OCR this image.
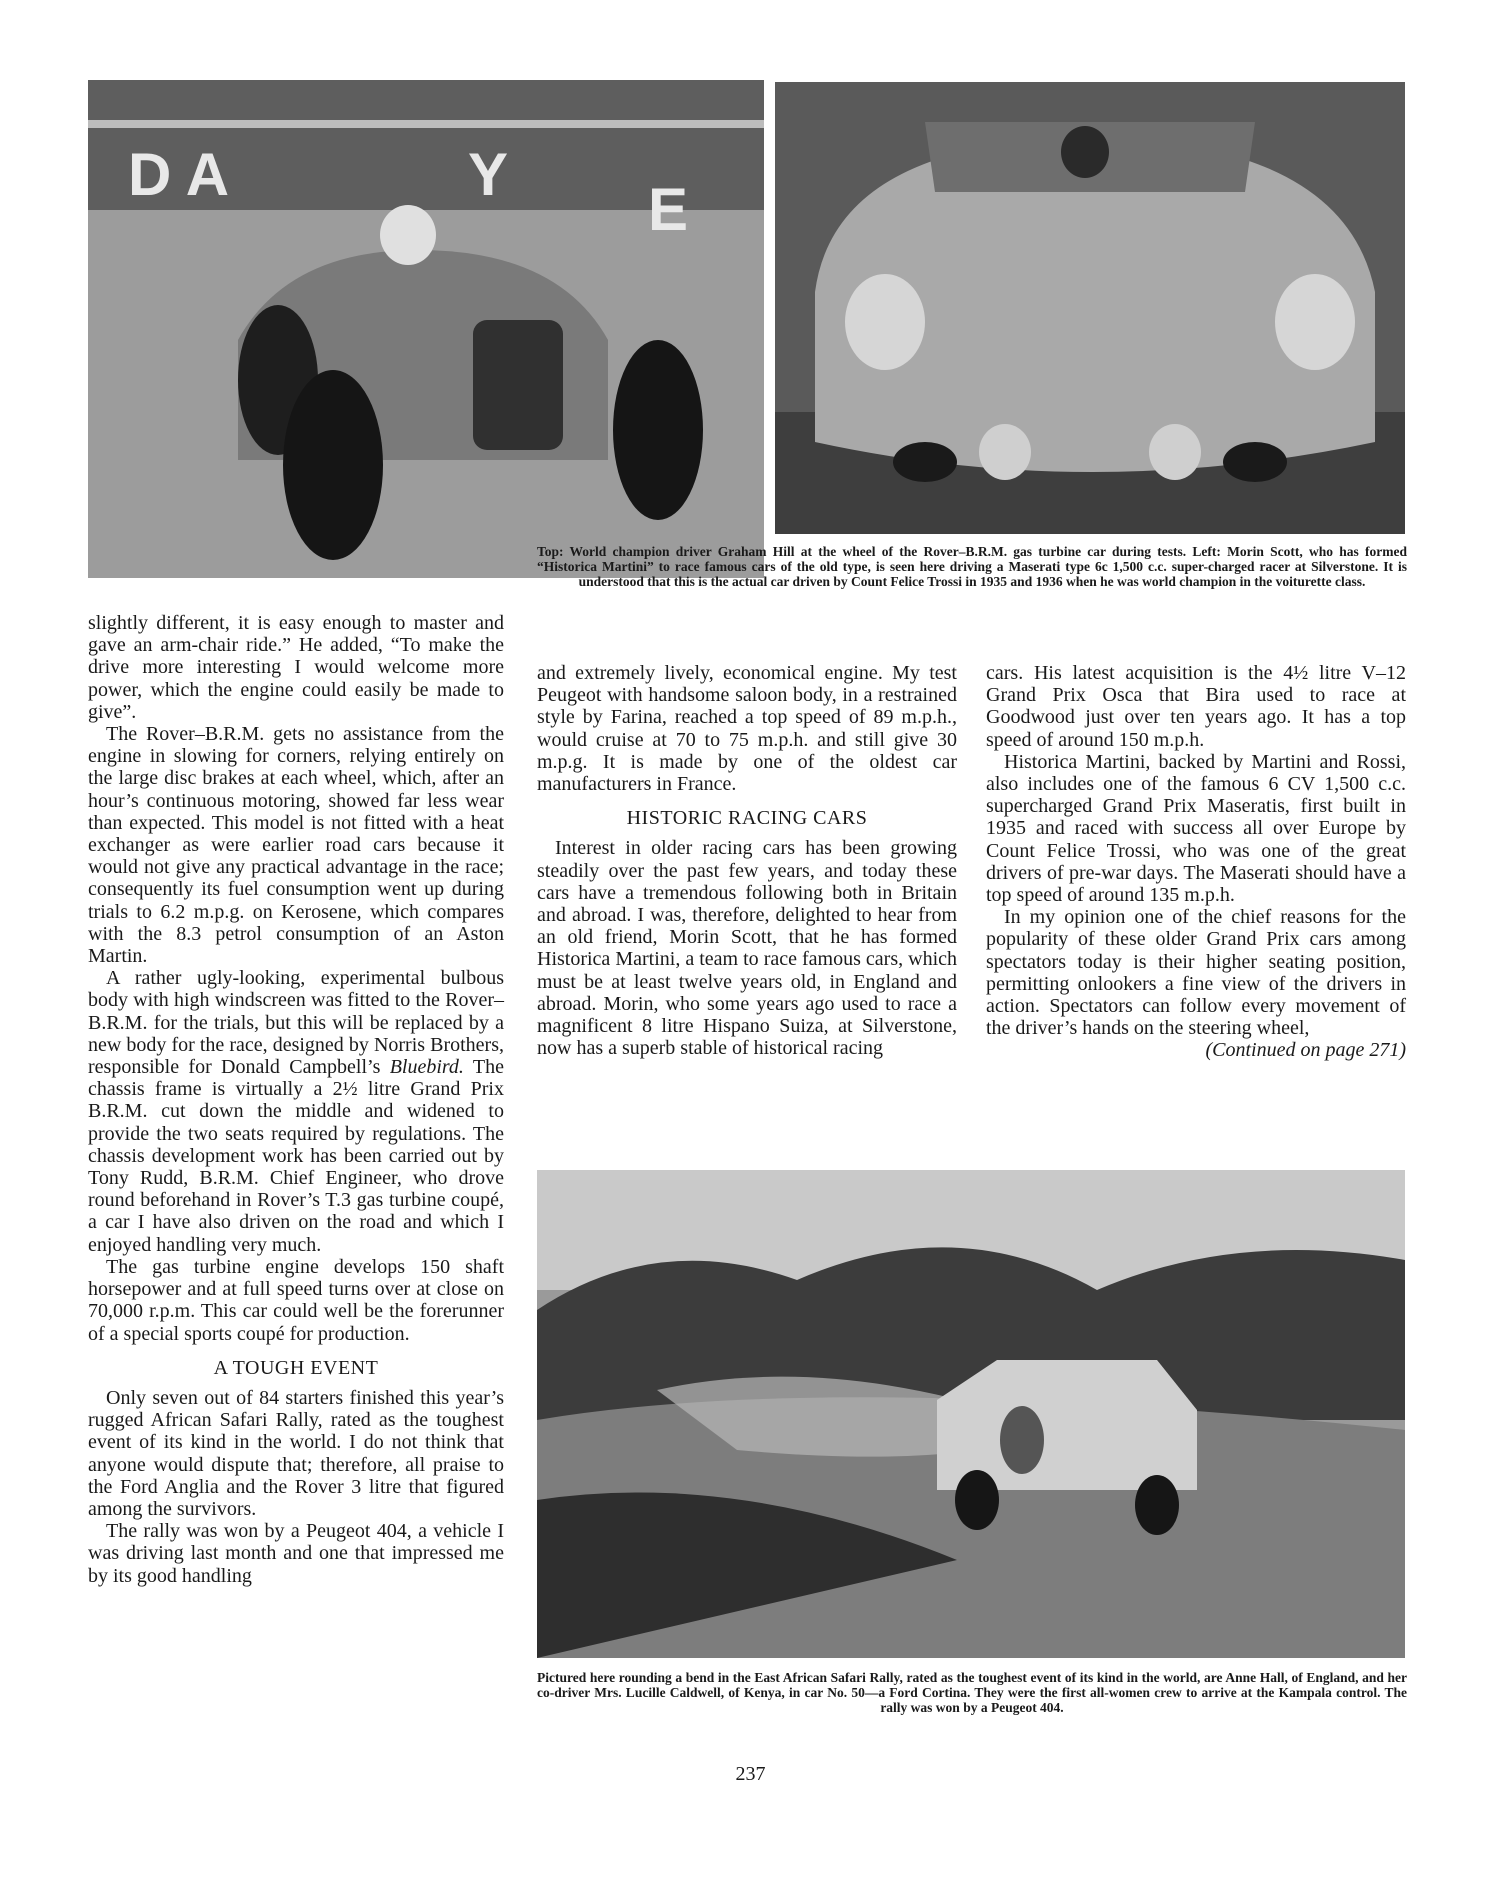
D A	Y
E
Top: World champion driver Graham Hill at the wheel of the Rover–B.R.M. gas turbine car during tests. Left: Morin Scott, who has formed “Historica Martini” to race famous cars of the old type, is seen here driving a Maserati type 6c 1,500 c.c. super-charged racer at Silverstone. It is understood that this is the actual car driven by Count Felice Trossi in 1935 and 1936 when he was world champion in the voiturette class.

slightly different, it is easy enough to master and gave an arm-chair ride.” He added, “To make the drive more interesting I would welcome more power, which the engine could easily be made to give”.

The Rover–B.R.M. gets no assistance from the engine in slowing for corners, relying entirely on the large disc brakes at each wheel, which, after an hour’s continuous motoring, showed far less wear than expected. This model is not fitted with a heat exchanger as were earlier road cars because it would not give any practical advantage in the race; consequently its fuel consumption went up during trials to 6.2 m.p.g. on Kerosene, which compares with the 8.3 petrol consumption of an Aston Martin.

A rather ugly-looking, experimental bulbous body with high windscreen was fitted to the Rover–B.R.M. for the trials, but this will be replaced by a new body for the race, designed by Norris Brothers, responsible for Donald Campbell’s Bluebird. The chassis frame is virtually a 2½ litre Grand Prix B.R.M. cut down the middle and widened to provide the two seats required by regulations. The chassis development work has been carried out by Tony Rudd, B.R.M. Chief Engineer, who drove round beforehand in Rover’s T.3 gas turbine coupé, a car I have also driven on the road and which I enjoyed handling very much.

The gas turbine engine develops 150 shaft horsepower and at full speed turns over at close on 70,000 r.p.m. This car could well be the forerunner of a special sports coupé for production.

A TOUGH EVENT

Only seven out of 84 starters finished this year’s rugged African Safari Rally, rated as the toughest event of its kind in the world. I do not think that anyone would dispute that; therefore, all praise to the Ford Anglia and the Rover 3 litre that figured among the survivors.

The rally was won by a Peugeot 404, a vehicle I was driving last month and one that impressed me by its good handling

and extremely lively, economical engine. My test Peugeot with handsome saloon body, in a restrained style by Farina, reached a top speed of 89 m.p.h., would cruise at 70 to 75 m.p.h. and still give 30 m.p.g. It is made by one of the oldest car manufacturers in France.

HISTORIC RACING CARS

Interest in older racing cars has been growing steadily over the past few years, and today these cars have a tremendous following both in Britain and abroad. I was, therefore, delighted to hear from an old friend, Morin Scott, that he has formed Historica Martini, a team to race famous cars, which must be at least twelve years old, in England and abroad. Morin, who some years ago used to race a magnificent 8 litre Hispano Suiza, at Silverstone, now has a superb stable of historical racing

cars. His latest acquisition is the 4½ litre V–12 Grand Prix Osca that Bira used to race at Goodwood just over ten years ago. It has a top speed of around 150 m.p.h.

Historica Martini, backed by Martini and Rossi, also includes one of the famous 6 CV 1,500 c.c. supercharged Grand Prix Maseratis, first built in 1935 and raced with success all over Europe by Count Felice Trossi, who was one of the great drivers of pre-war days. The Maserati should have a top speed of around 135 m.p.h.

In my opinion one of the chief reasons for the popularity of these older Grand Prix cars among spectators today is their higher seating position, permitting onlookers a fine view of the drivers in action. Spectators can follow every movement of the driver’s hands on the steering wheel,

(Continued on page 271)
Pictured here rounding a bend in the East African Safari Rally, rated as the toughest event of its kind in the world, are Anne Hall, of England, and her co-driver Mrs. Lucille Caldwell, of Kenya, in car No. 50—a Ford Cortina. They were the first all-women crew to arrive at the Kampala control. The rally was won by a Peugeot 404.
237
